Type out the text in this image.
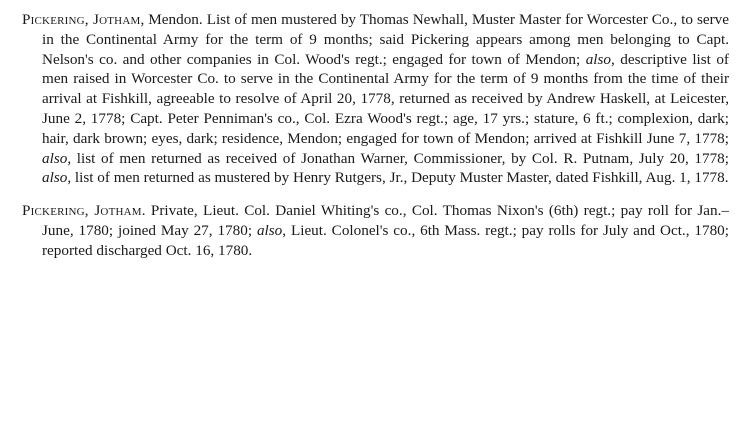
Pickering, Jotham, Mendon. List of men mustered by Thomas Newhall, Muster Master for Worcester Co., to serve in the Continental Army for the term of 9 months; said Pickering appears among men belonging to Capt. Nelson's co. and other companies in Col. Wood's regt.; engaged for town of Mendon; also, descriptive list of men raised in Worcester Co. to serve in the Continental Army for the term of 9 months from the time of their arrival at Fishkill, agreeable to resolve of April 20, 1778, returned as received by Andrew Haskell, at Leicester, June 2, 1778; Capt. Peter Penniman's co., Col. Ezra Wood's regt.; age, 17 yrs.; stature, 6 ft.; complexion, dark; hair, dark brown; eyes, dark; residence, Mendon; engaged for town of Mendon; arrived at Fishkill June 7, 1778; also, list of men returned as received of Jonathan Warner, Commissioner, by Col. R. Putnam, July 20, 1778; also, list of men returned as mustered by Henry Rutgers, Jr., Deputy Muster Master, dated Fishkill, Aug. 1, 1778.

Pickering, Jotham. Private, Lieut. Col. Daniel Whiting's co., Col. Thomas Nixon's (6th) regt.; pay roll for Jan.–June, 1780; joined May 27, 1780; also, Lieut. Colonel's co., 6th Mass. regt.; pay rolls for July and Oct., 1780; reported discharged Oct. 16, 1780.
